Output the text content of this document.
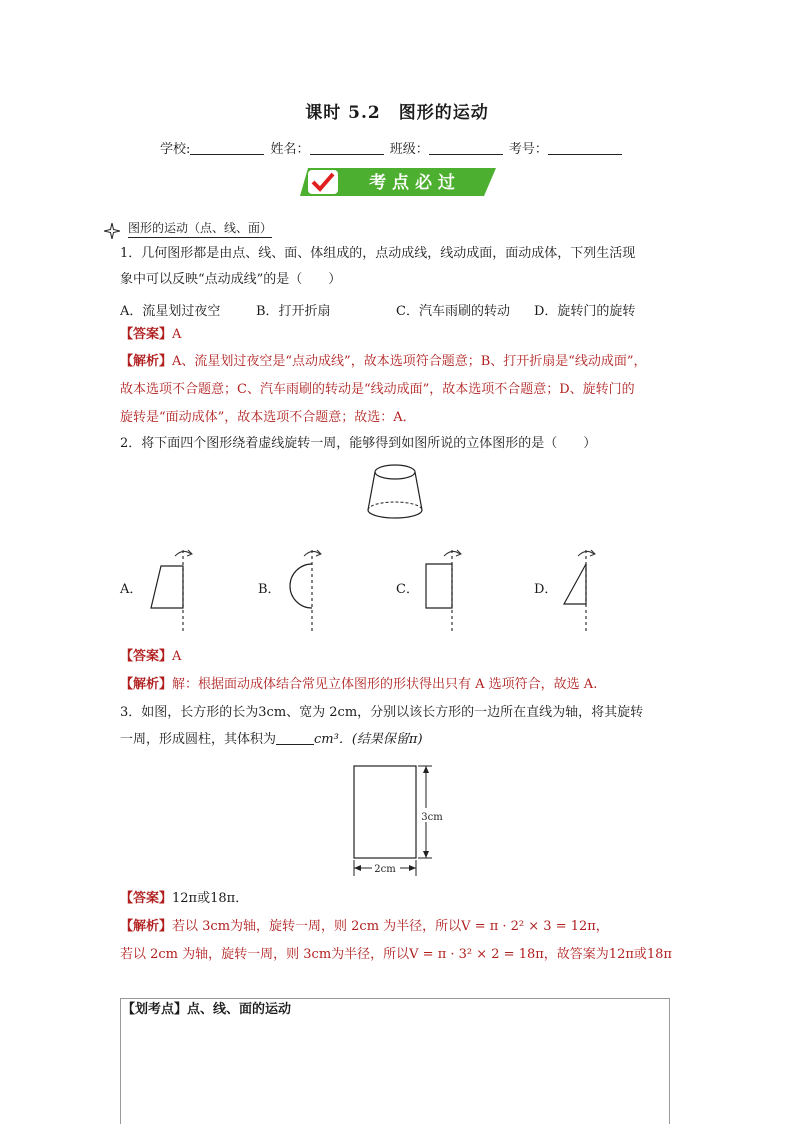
课时 5.2　图形的运动
学校:	姓名：	班级：	考号：
考 点 必 过
图形的运动（点、线、面）
1．几何图形都是由点、线、面、体组成的，点动成线，线动成面，面动成体，下列生活现
象中可以反映“点动成线”的是（　　）
A．流星划过夜空	B．打开折扇	C．汽车雨刷的转动 D．旋转门的旋转
【答案】A
【解析】A、流星划过夜空是“点动成线”，故本选项符合题意；B、打开折扇是“线动成面”，
故本选项不合题意；C、汽车雨刷的转动是“线动成面”，故本选项不合题意；D、旋转门的
旋转是“面动成体”，故本选项不合题意；故选：A．
2．将下面四个图形绕着虚线旋转一周，能够得到如图所说的立体图形的是（　　）
A．	B．	C．	D．
【答案】A
【解析】解：根据面动成体结合常见立体图形的形状得出只有 A 选项符合，故选 A.
3．如图，长方形的长为3cm、宽为 2cm，分别以该长方形的一边所在直线为轴，将其旋转
一周，形成圆柱，其体积为	cm³．(结果保留π)
3cm
2cm
【答案】12π或18π．
【解析】若以 3cm为轴，旋转一周，则 2cm 为半径，所以V = π · 2² × 3 = 12π，
若以 2cm 为轴，旋转一周，则 3cm为半径，所以V = π · 3² × 2 = 18π，故答案为12π或18π
【划考点】点、线、面的运动
